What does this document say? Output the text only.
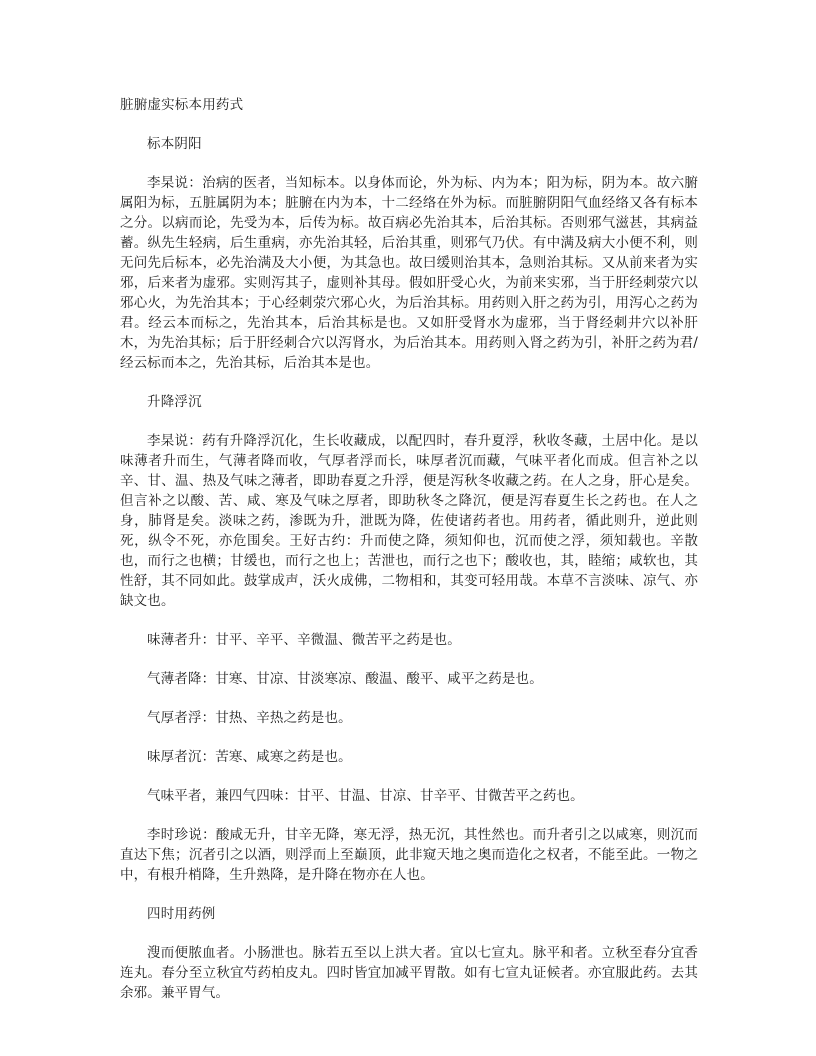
脏腑虚实标本用药式
标本阴阳

李杲说：治病的医者，当知标本。以身体而论，外为标、内为本；阳为标，阴为本。故六腑属阳为标，五脏属阴为本；脏腑在内为本，十二经络在外为标。而脏腑阴阳气血经络又各有标本之分。以病而论，先受为本，后传为标。故百病必先治其本，后治其标。否则邪气滋甚，其病益蓄。纵先生轻病，后生重病，亦先治其轻，后治其重，则邪气乃伏。有中满及病大小便不利，则无问先后标本，必先治满及大小便，为其急也。故曰缓则治其本，急则治其标。又从前来者为实邪，后来者为虚邪。实则泻其子，虚则补其母。假如肝受心火，为前来实邪，当于肝经刺荥穴以邪心火，为先治其本；于心经刺荥穴邪心火，为后治其标。用药则入肝之药为引，用泻心之药为君。经云本而标之，先治其本，后治其标是也。又如肝受肾水为虚邪，当于肾经刺井穴以补肝木，为先治其标；后于肝经刺合穴以泻肾水，为后治其本。用药则入肾之药为引，补肝之药为君/经云标而本之，先治其标，后治其本是也。

升降浮沉

李杲说：药有升降浮沉化，生长收藏成，以配四时，春升夏浮，秋收冬藏，土居中化。是以味薄者升而生，气薄者降而收，气厚者浮而长，味厚者沉而藏，气味平者化而成。但言补之以辛、甘、温、热及气味之薄者，即助春夏之升浮，便是泻秋冬收藏之药。在人之身，肝心是矣。但言补之以酸、苦、咸、寒及气味之厚者，即助秋冬之降沉，便是泻春夏生长之药也。在人之身，肺肾是矣。淡味之药，渗既为升，泄既为降，佐使诸药者也。用药者，循此则升，逆此则死，纵令不死，亦危围矣。王好古约：升而使之降，须知仰也，沉而使之浮，须知载也。辛散也，而行之也横；甘缓也，而行之也上；苦泄也，而行之也下；酸收也，其，睦缩；咸软也，其性舒，其不同如此。鼓掌成声，沃火成佛，二物相和，其变可轻用哉。本草不言淡味、凉气、亦缺文也。

味薄者升：甘平、辛平、辛微温、微苦平之药是也。

气薄者降：甘寒、甘凉、甘淡寒凉、酸温、酸平、咸平之药是也。

气厚者浮：甘热、辛热之药是也。

味厚者沉：苦寒、咸寒之药是也。

气味平者，兼四气四味：甘平、甘温、甘凉、甘辛平、甘微苦平之药也。

李时珍说：酸咸无升，甘辛无降，寒无浮，热无沉，其性然也。而升者引之以咸寒，则沉而直达下焦；沉者引之以酒，则浮而上至巅顶，此非窥天地之奥而造化之权者，不能至此。一物之中，有根升梢降，生升熟降，是升降在物亦在人也。

四时用药例

溲而便脓血者。小肠泄也。脉若五至以上洪大者。宜以七宣丸。脉平和者。立秋至春分宜香连丸。春分至立秋宜芍药柏皮丸。四时皆宜加减平胃散。如有七宣丸证候者。亦宜服此药。去其余邪。兼平胃气。
